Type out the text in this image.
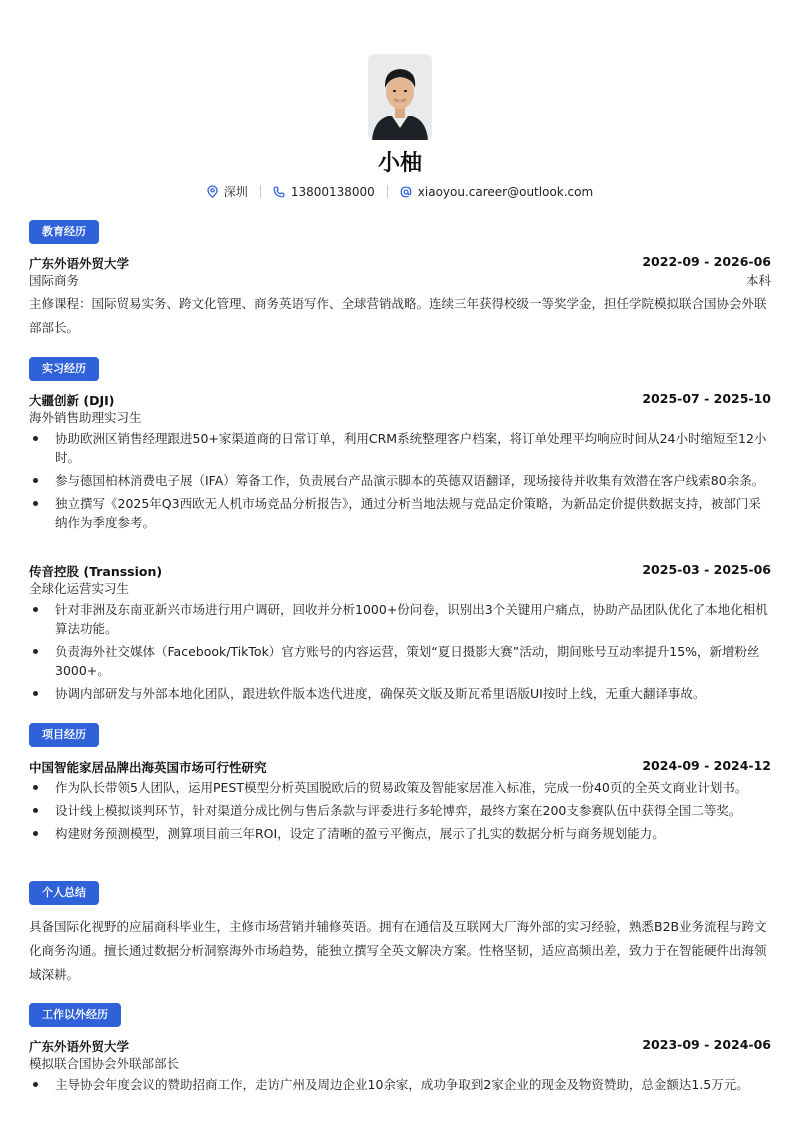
小柚
深圳	13800138000	xiaoyou.career@outlook.com
教育经历
广东外语外贸大学	2022-09 - 2026-06
国际商务	本科

主修课程：国际贸易实务、跨文化管理、商务英语写作、全球营销战略。连续三年获得校级一等奖学金，担任学院模拟联合国协会外联部部长。

实习经历
大疆创新 (DJI)	2025-07 - 2025-10
海外销售助理实习生
协助欧洲区销售经理跟进50+家渠道商的日常订单，利用CRM系统整理客户档案，将订单处理平均响应时间从24小时缩短至12小时。
参与德国柏林消费电子展（IFA）筹备工作，负责展台产品演示脚本的英德双语翻译，现场接待并收集有效潜在客户线索80余条。
独立撰写《2025年Q3西欧无人机市场竞品分析报告》，通过分析当地法规与竞品定价策略，为新品定价提供数据支持，被部门采纳作为季度参考。
传音控股 (Transsion)	2025-03 - 2025-06
全球化运营实习生
针对非洲及东南亚新兴市场进行用户调研，回收并分析1000+份问卷，识别出3个关键用户痛点，协助产品团队优化了本地化相机算法功能。
负责海外社交媒体（Facebook/TikTok）官方账号的内容运营，策划“夏日摄影大赛”活动，期间账号互动率提升15%，新增粉丝3000+。
协调内部研发与外部本地化团队，跟进软件版本迭代进度，确保英文版及斯瓦希里语版UI按时上线，无重大翻译事故。
项目经历
中国智能家居品牌出海英国市场可行性研究	2024-09 - 2024-12
作为队长带领5人团队，运用PEST模型分析英国脱欧后的贸易政策及智能家居准入标准，完成一份40页的全英文商业计划书。
设计线上模拟谈判环节，针对渠道分成比例与售后条款与评委进行多轮博弈，最终方案在200支参赛队伍中获得全国二等奖。
构建财务预测模型，测算项目前三年ROI，设定了清晰的盈亏平衡点，展示了扎实的数据分析与商务规划能力。
个人总结

具备国际化视野的应届商科毕业生，主修市场营销并辅修英语。拥有在通信及互联网大厂海外部的实习经验，熟悉B2B业务流程与跨文化商务沟通。擅长通过数据分析洞察海外市场趋势，能独立撰写全英文解决方案。性格坚韧，适应高频出差，致力于在智能硬件出海领域深耕。

工作以外经历
广东外语外贸大学	2023-09 - 2024-06
模拟联合国协会外联部部长
主导协会年度会议的赞助招商工作，走访广州及周边企业10余家，成功争取到2家企业的现金及物资赞助，总金额达1.5万元。
